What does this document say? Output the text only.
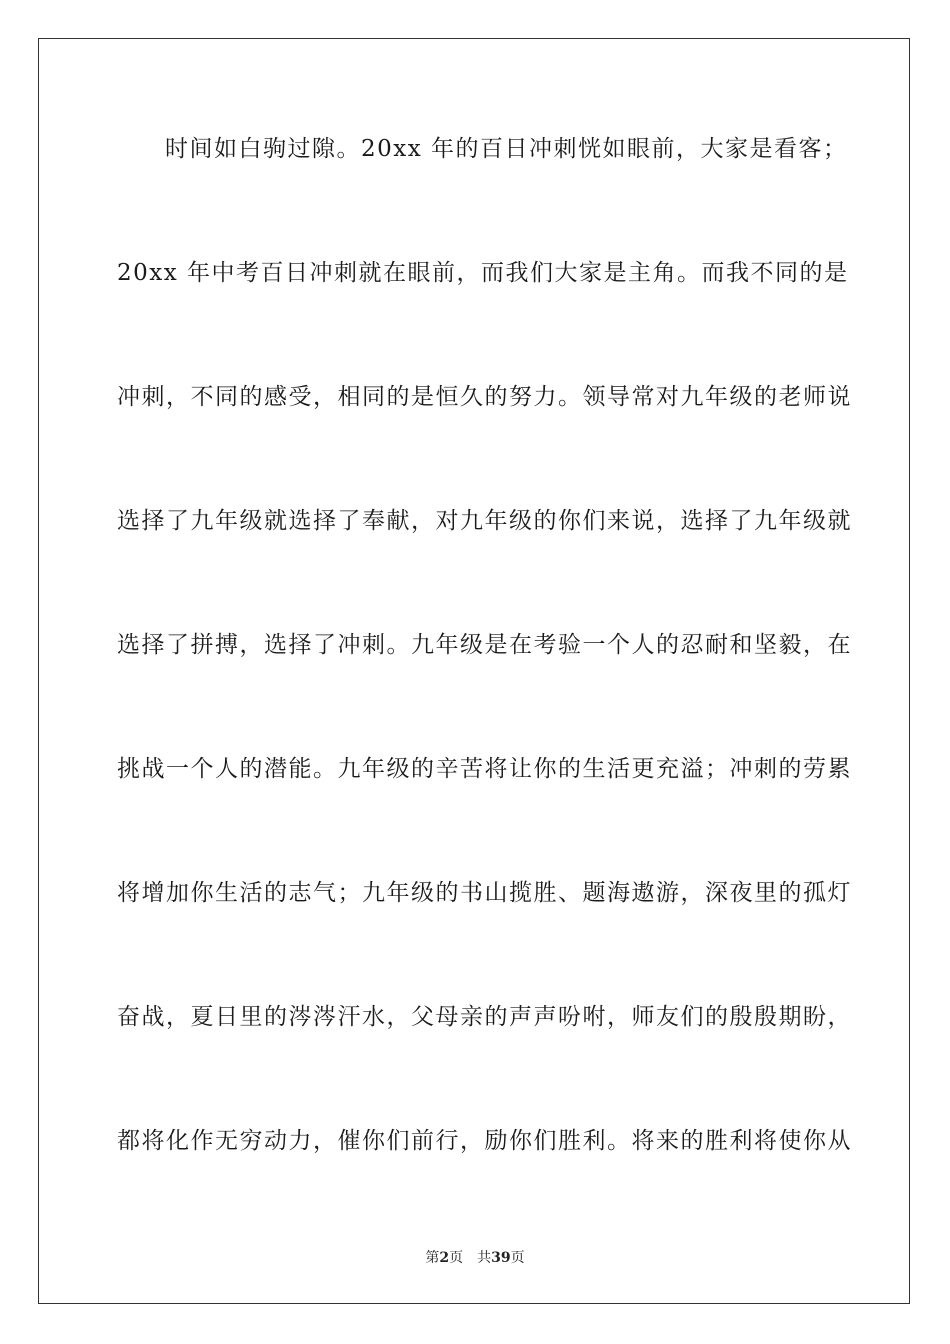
时间如白驹过隙。20xx 年的百日冲刺恍如眼前，大家是看客；
20xx 年中考百日冲刺就在眼前，而我们大家是主角。而我不同的是
冲刺，不同的感受，相同的是恒久的努力。领导常对九年级的老师说
选择了九年级就选择了奉献，对九年级的你们来说，选择了九年级就
选择了拼搏，选择了冲刺。九年级是在考验一个人的忍耐和坚毅，在
挑战一个人的潜能。九年级的辛苦将让你的生活更充溢；冲刺的劳累
将增加你生活的志气；九年级的书山揽胜、题海遨游，深夜里的孤灯
奋战，夏日里的涔涔汗水，父母亲的声声吩咐，师友们的殷殷期盼，
都将化作无穷动力，催你们前行，励你们胜利。将来的胜利将使你从
第2页 共39页
